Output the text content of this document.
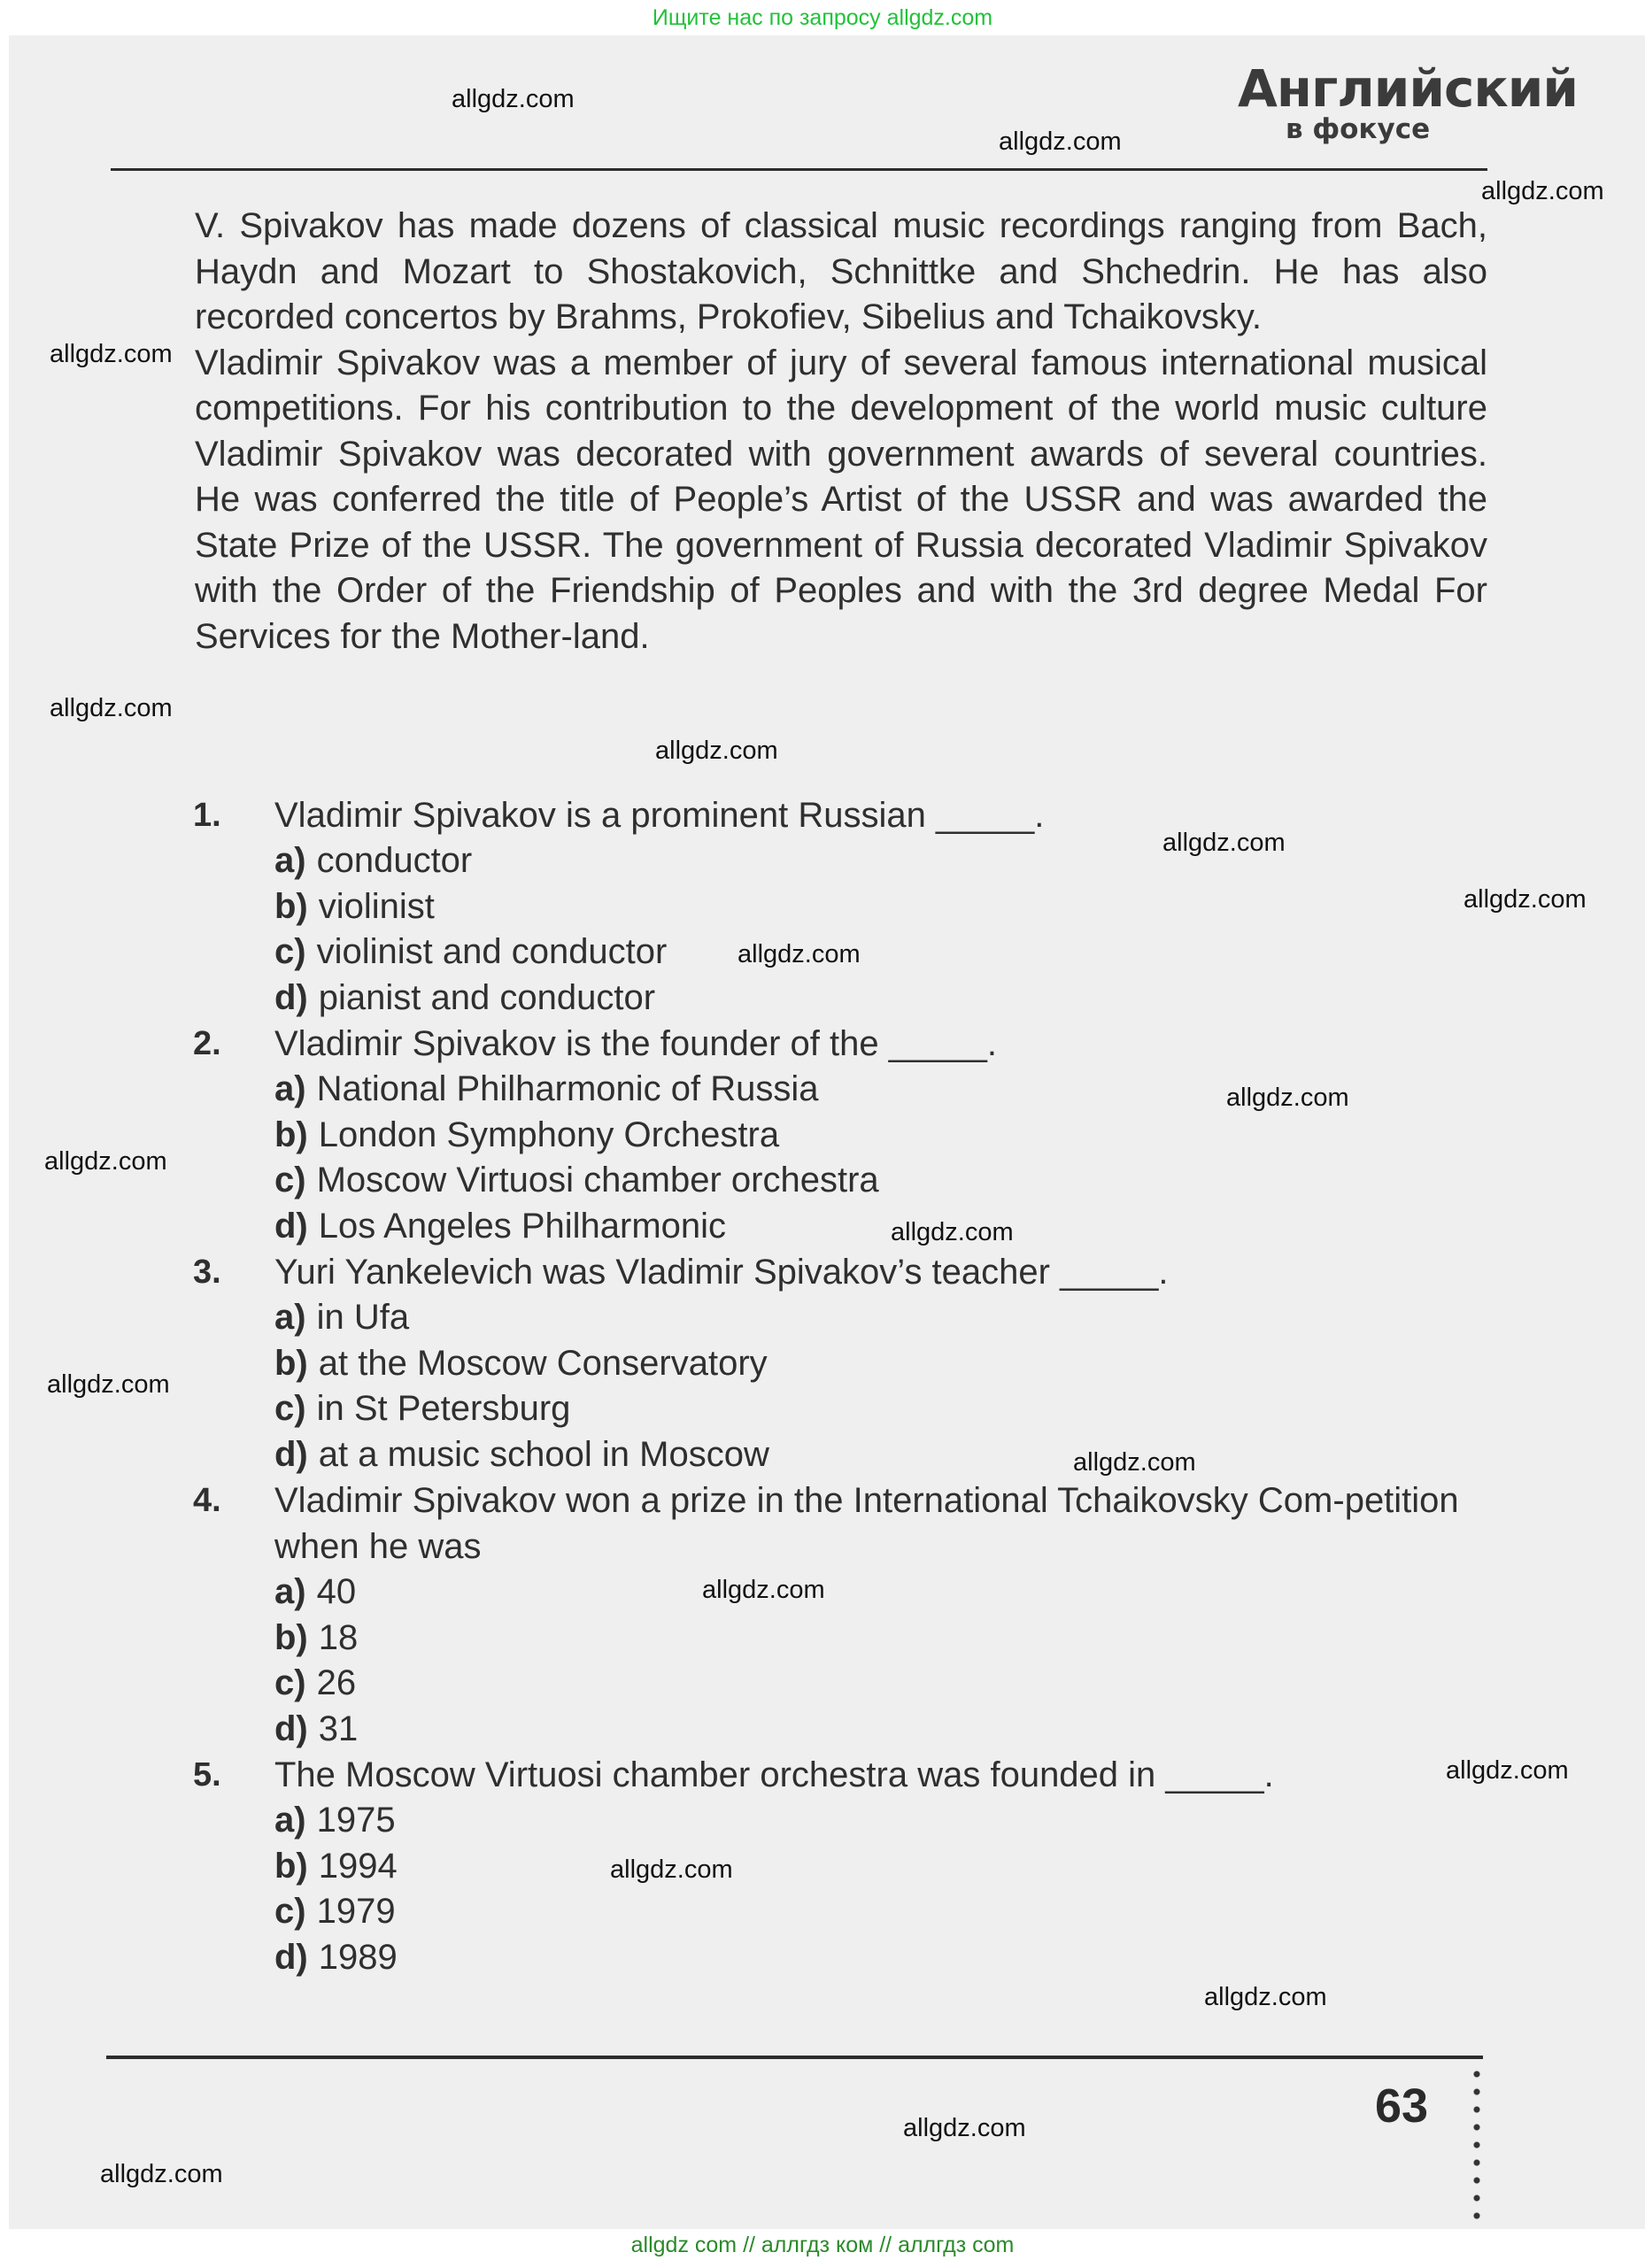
Ищите нас по запросу allgdz.com
Английский
в фокусе

V. Spivakov has made dozens of classical music recordings ranging from Bach, Haydn and Mozart to Shostakovich, Schnittke and Shchedrin. He has also recorded concertos by Brahms, Prokofiev, Sibelius and Tchaikovsky.

Vladimir Spivakov was a member of jury of several famous international musical competitions. For his contribution to the development of the world music culture Vladimir Spivakov was decorated with government awards of several countries. He was conferred the title of People’s Artist of the USSR and was awarded the State Prize of the USSR. The government of Russia decorated Vladimir Spivakov with the Order of the Friendship of Peoples and with the 3rd degree Medal For Services for the Mother-land.

1. Vladimir Spivakov is a prominent Russian _____.
a) conductor
b) violinist
c) violinist and conductor
d) pianist and conductor
2. Vladimir Spivakov is the founder of the _____.
a) National Philharmonic of Russia
b) London Symphony Orchestra
c) Moscow Virtuosi chamber orchestra
d) Los Angeles Philharmonic
3. Yuri Yankelevich was Vladimir Spivakov’s teacher _____.
a) in Ufa
b) at the Moscow Conservatory
c) in St Petersburg
d) at a music school in Moscow
4. Vladimir Spivakov won a prize in the International Tchaikovsky Com-petition when he was
a) 40
b) 18
c) 26
d) 31
5. The Moscow Virtuosi chamber orchestra was founded in _____.
a) 1975
b) 1994
c) 1979
d) 1989
63
allgdz.com
allgdz.com
allgdz.com
allgdz.com
allgdz.com
allgdz.com
allgdz.com
allgdz.com
allgdz.com
allgdz.com
allgdz.com
allgdz.com
allgdz.com
allgdz.com
allgdz.com
allgdz.com
allgdz.com
allgdz.com
allgdz.com
allgdz.com
allgdz com // аллгдз ком // аллгдз com
